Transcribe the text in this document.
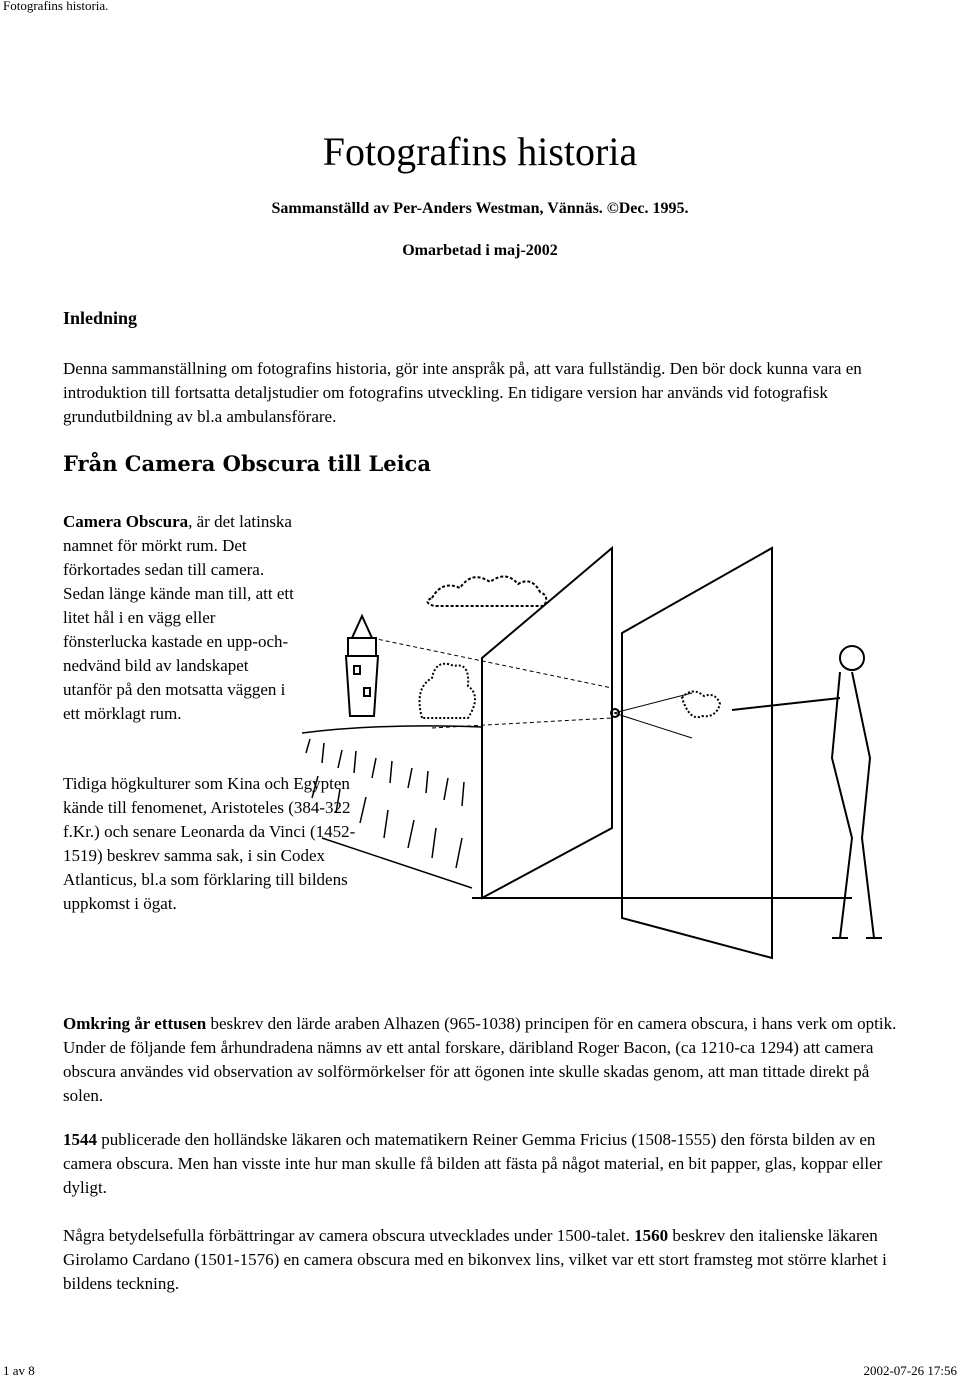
Fotografins historia.
Fotografins historia
Sammanställd av Per-Anders Westman, Vännäs. ©Dec. 1995.
Omarbetad i maj-2002
Inledning

Denna sammanställning om fotografins historia, gör inte anspråk på, att vara fullständig. Den bör dock kunna vara en introduktion till fortsatta detaljstudier om fotografins utveckling. En tidigare version har används vid fotografisk grundutbildning av bl.a ambulansförare.

Från Camera Obscura till Leica

Camera Obscura, är det latinska namnet för mörkt rum. Det förkortades sedan till camera. Sedan länge kände man till, att ett litet hål i en vägg eller fönsterlucka kastade en upp-och-nedvänd bild av landskapet utanför på den motsatta väggen i ett mörklagt rum.

Tidiga högkulturer som Kina och Egypten kände till fenomenet, Aristoteles (384-322 f.Kr.) och senare Leonarda da Vinci (1452-1519) beskrev samma sak, i sin Codex Atlanticus, bl.a som förklaring till bildens uppkomst i ögat.

Omkring år ettusen beskrev den lärde araben Alhazen (965-1038) principen för en camera obscura, i hans verk om optik. Under de följande fem århundradena nämns av ett antal forskare, däribland Roger Bacon, (ca 1210-ca 1294) att camera obscura användes vid observation av solförmörkelser för att ögonen inte skulle skadas genom, att man tittade direkt på solen.

1544 publicerade den holländske läkaren och matematikern Reiner Gemma Fricius (1508-1555) den första bilden av en camera obscura. Men han visste inte hur man skulle få bilden att fästa på något material, en bit papper, glas, koppar eller dyligt.

Några betydelsefulla förbättringar av camera obscura utvecklades under 1500-talet. 1560 beskrev den italienske läkaren Girolamo Cardano (1501-1576) en camera obscura med en bikonvex lins, vilket var ett stort framsteg mot större klarhet i bildens teckning.

1 av 8	2002-07-26 17:56
